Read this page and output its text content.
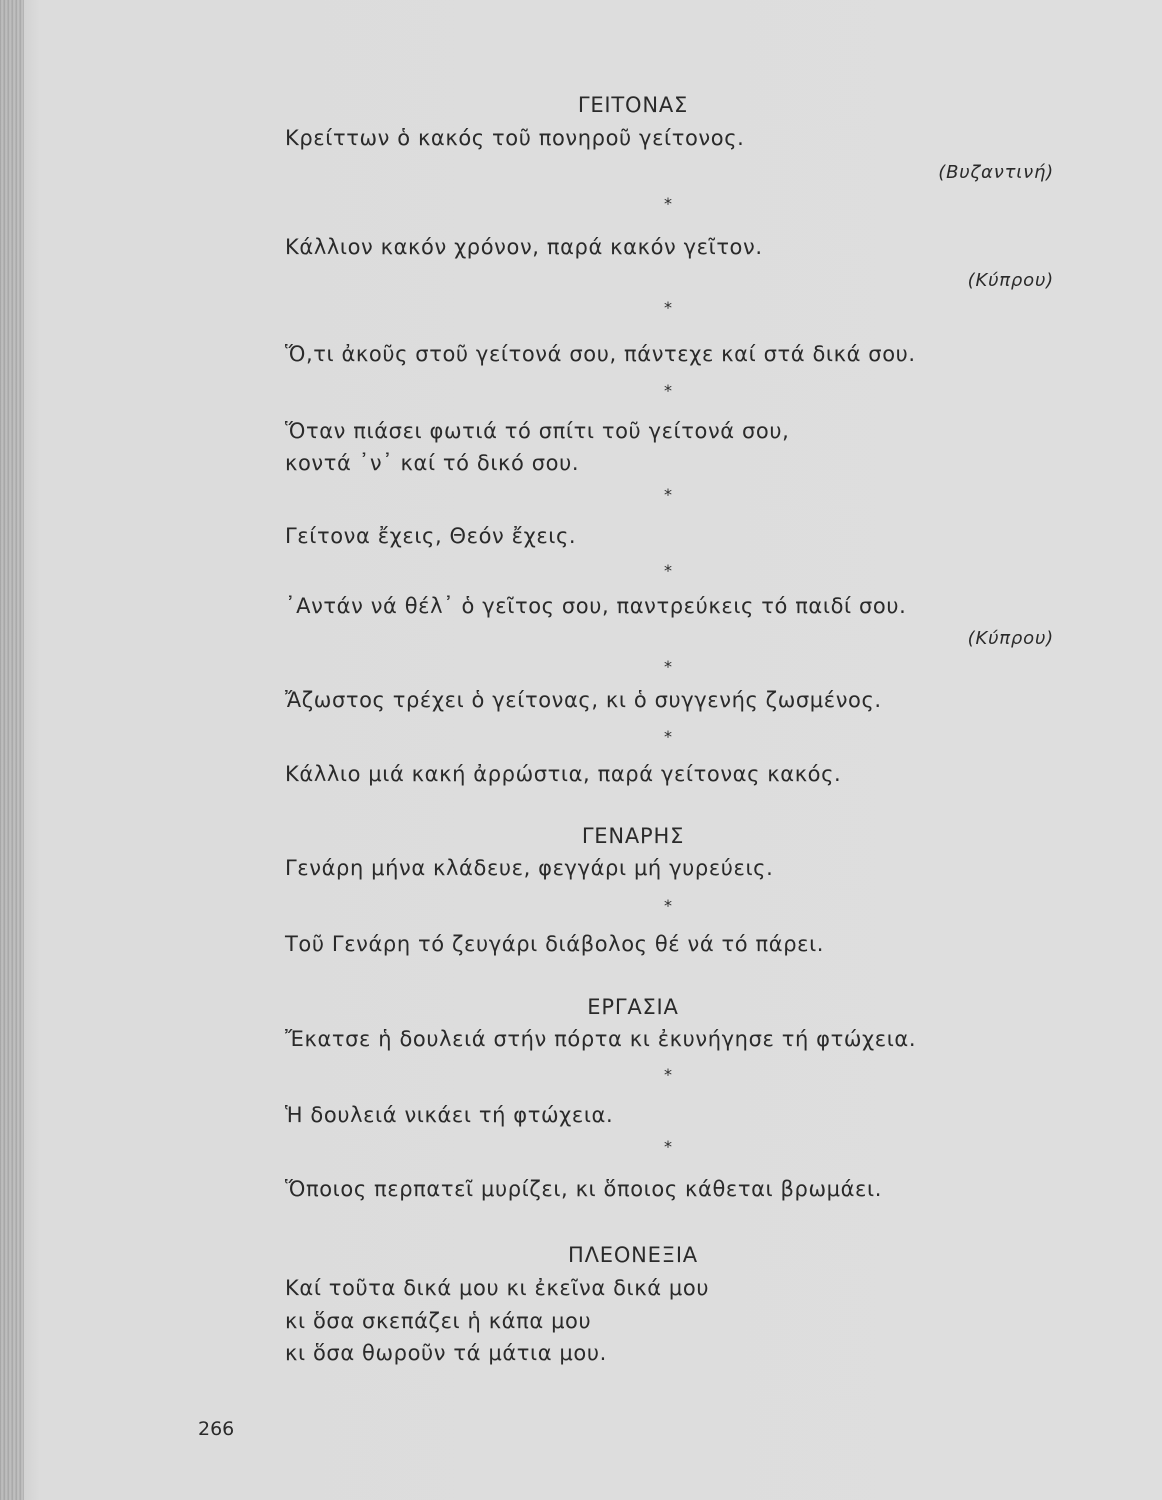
ΓΕΙΤΟΝΑΣ
Κρείττων ὁ κακός τοῦ πονηροῦ γείτονος.
(Βυζαντινή)
*
Κάλλιον κακόν χρόνον, παρά κακόν γεῖτον.
(Κύπρου)
*
Ὅ,τι ἀκοῦς στοῦ γείτονά σου, πάντεχε καί στά δικά σου.
*
Ὅταν πιάσει φωτιά τό σπίτι τοῦ γείτονά σου,
κοντά ᾽ν᾽ καί τό δικό σου.
*
Γείτονα ἔχεις, Θεόν ἔχεις.
*
᾽Αντάν νά θέλ᾽ ὁ γεῖτος σου, παντρεύκεις τό παιδί σου.
(Κύπρου)
*
Ἄζωστος τρέχει ὁ γείτονας, κι ὁ συγγενής ζωσμένος.
*
Κάλλιο μιά κακή ἀρρώστια, παρά γείτονας κακός.
ΓΕΝΑΡΗΣ
Γενάρη μήνα κλάδευε, φεγγάρι μή γυρεύεις.
*
Τοῦ Γενάρη τό ζευγάρι διάβολος θέ νά τό πάρει.
ΕΡΓΑΣΙΑ
Ἔκατσε ἡ δουλειά στήν πόρτα κι ἐκυνήγησε τή φτώχεια.
*
Ἡ δουλειά νικάει τή φτώχεια.
*
Ὅποιος περπατεῖ μυρίζει, κι ὅποιος κάθεται βρωμάει.
ΠΛΕΟΝΕΞΙΑ
Καί τοῦτα δικά μου κι ἐκεῖνα δικά μου
κι ὅσα σκεπάζει ἡ κάπα μου
κι ὅσα θωροῦν τά μάτια μου.
266
